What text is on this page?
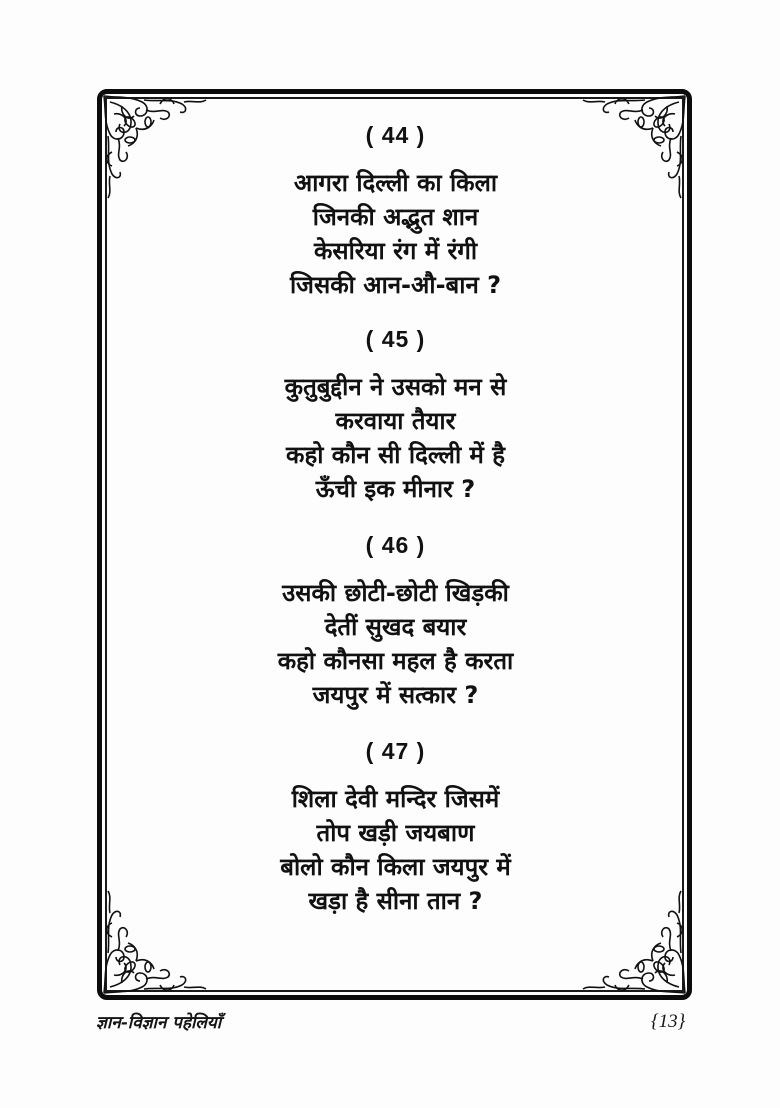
( 44 )
आगरा दिल्ली का किला
जिनकी अद्भुत शान
केसरिया रंग में रंगी
जिसकी आन-औ-बान ?
( 45 )
कुतुबुद्दीन ने उसको मन से
करवाया तैयार
कहो कौन सी दिल्ली में है
ऊँची इक मीनार ?
( 46 )
उसकी छोटी-छोटी खिड़की
देतीं सुखद बयार
कहो कौनसा महल है करता
जयपुर में सत्कार ?
( 47 )
शिला देवी मन्दिर जिसमें
तोप खड़ी जयबाण
बोलो कौन किला जयपुर में
खड़ा है सीना तान ?
ज्ञान-विज्ञान पहेलियाँ	{13}
